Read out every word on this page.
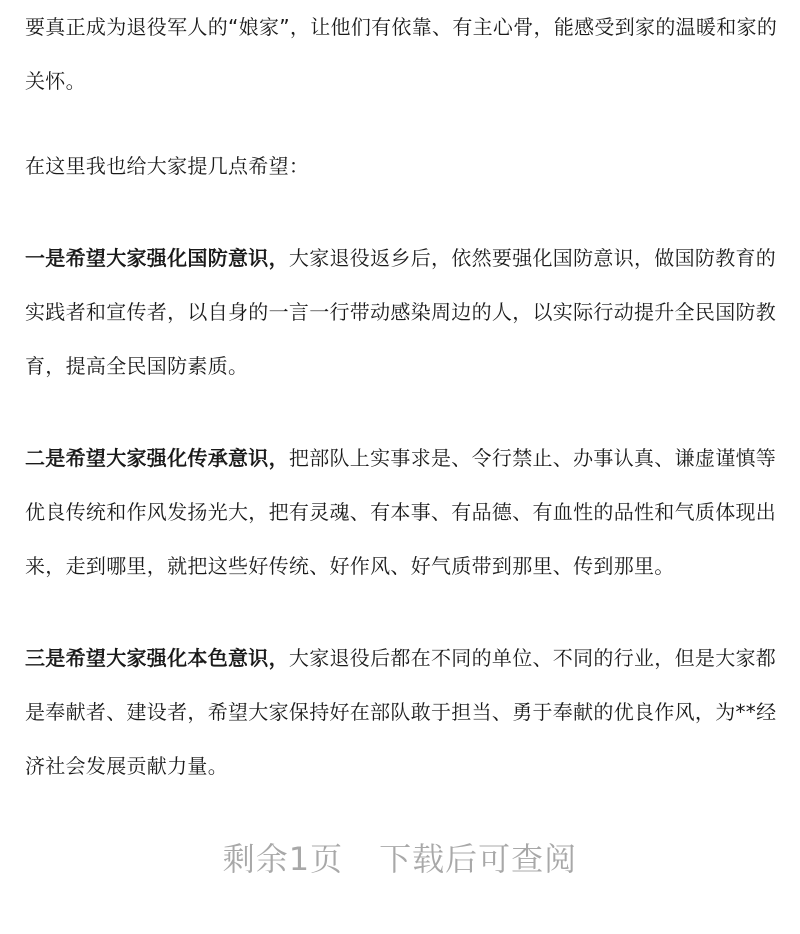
要真正成为退役军人的“娘家”，让他们有依靠、有主心骨，能感受到家的温暖和家的关怀。

在这里我也给大家提几点希望：

一是希望大家强化国防意识，大家退役返乡后，依然要强化国防意识，做国防教育的实践者和宣传者，以自身的一言一行带动感染周边的人，以实际行动提升全民国防教育，提高全民国防素质。

二是希望大家强化传承意识，把部队上实事求是、令行禁止、办事认真、谦虚谨慎等优良传统和作风发扬光大，把有灵魂、有本事、有品德、有血性的品性和气质体现出来，走到哪里，就把这些好传统、好作风、好气质带到那里、传到那里。

三是希望大家强化本色意识，大家退役后都在不同的单位、不同的行业，但是大家都是奉献者、建设者，希望大家保持好在部队敢于担当、勇于奉献的优良作风，为**经济社会发展贡献力量。

剩余1页 下载后可查阅
